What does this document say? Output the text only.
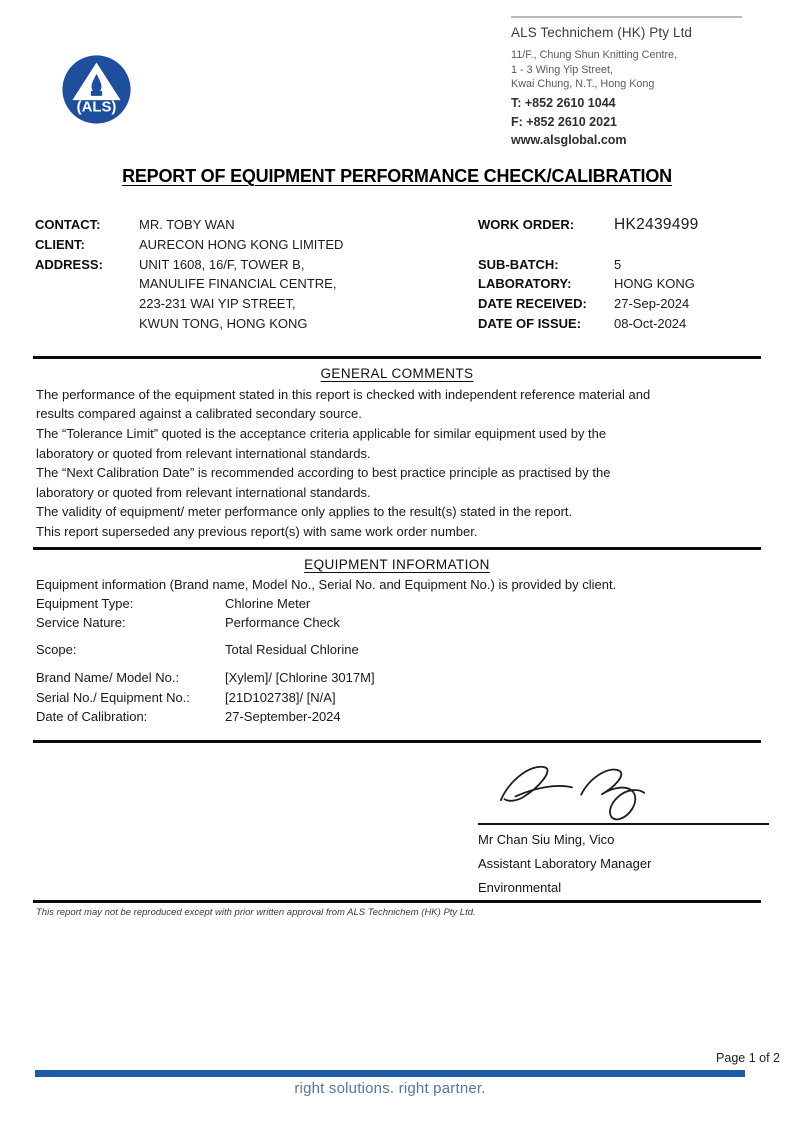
(ALS)
ALS Technichem (HK) Pty Ltd
11/F., Chung Shun Knitting Centre,
1 - 3 Wing Yip Street,
Kwai Chung, N.T., Hong Kong
T: +852 2610 1044
F: +852 2610 2021
www.alsglobal.com
REPORT OF EQUIPMENT PERFORMANCE CHECK/CALIBRATION
CONTACT:	MR. TOBY WAN
CLIENT:	AURECON HONG KONG LIMITED
ADDRESS:	UNIT 1608, 16/F, TOWER B,
MANULIFE FINANCIAL CENTRE,
223-231 WAI YIP STREET,
KWUN TONG, HONG KONG
WORK ORDER:	HK2439499
SUB-BATCH:	5
LABORATORY:	HONG KONG
DATE RECEIVED:	27-Sep-2024
DATE OF ISSUE:	08-Oct-2024
GENERAL COMMENTS
The performance of the equipment stated in this report is checked with independent reference material and
results compared against a calibrated secondary source.
The “Tolerance Limit” quoted is the acceptance criteria applicable for similar equipment used by the
laboratory or quoted from relevant international standards.
The “Next Calibration Date” is recommended according to best practice principle as practised by the
laboratory or quoted from relevant international standards.
The validity of equipment/ meter performance only applies to the result(s) stated in the report.
This report superseded any previous report(s) with same work order number.
EQUIPMENT INFORMATION
Equipment information (Brand name, Model No., Serial No. and Equipment No.) is provided by client.
Equipment Type:	Chlorine Meter
Service Nature:	Performance Check
Scope:	Total Residual Chlorine
Brand Name/ Model No.:	[Xylem]/ [Chlorine 3017M]
Serial No./ Equipment No.:	[21D102738]/ [N/A]
Date of Calibration:	27-September-2024
Mr Chan Siu Ming, Vico
Assistant Laboratory Manager
Environmental
This report may not be reproduced except with prior written approval from ALS Technichem (HK) Pty Ltd.
Page 1 of 2
right solutions. right partner.
